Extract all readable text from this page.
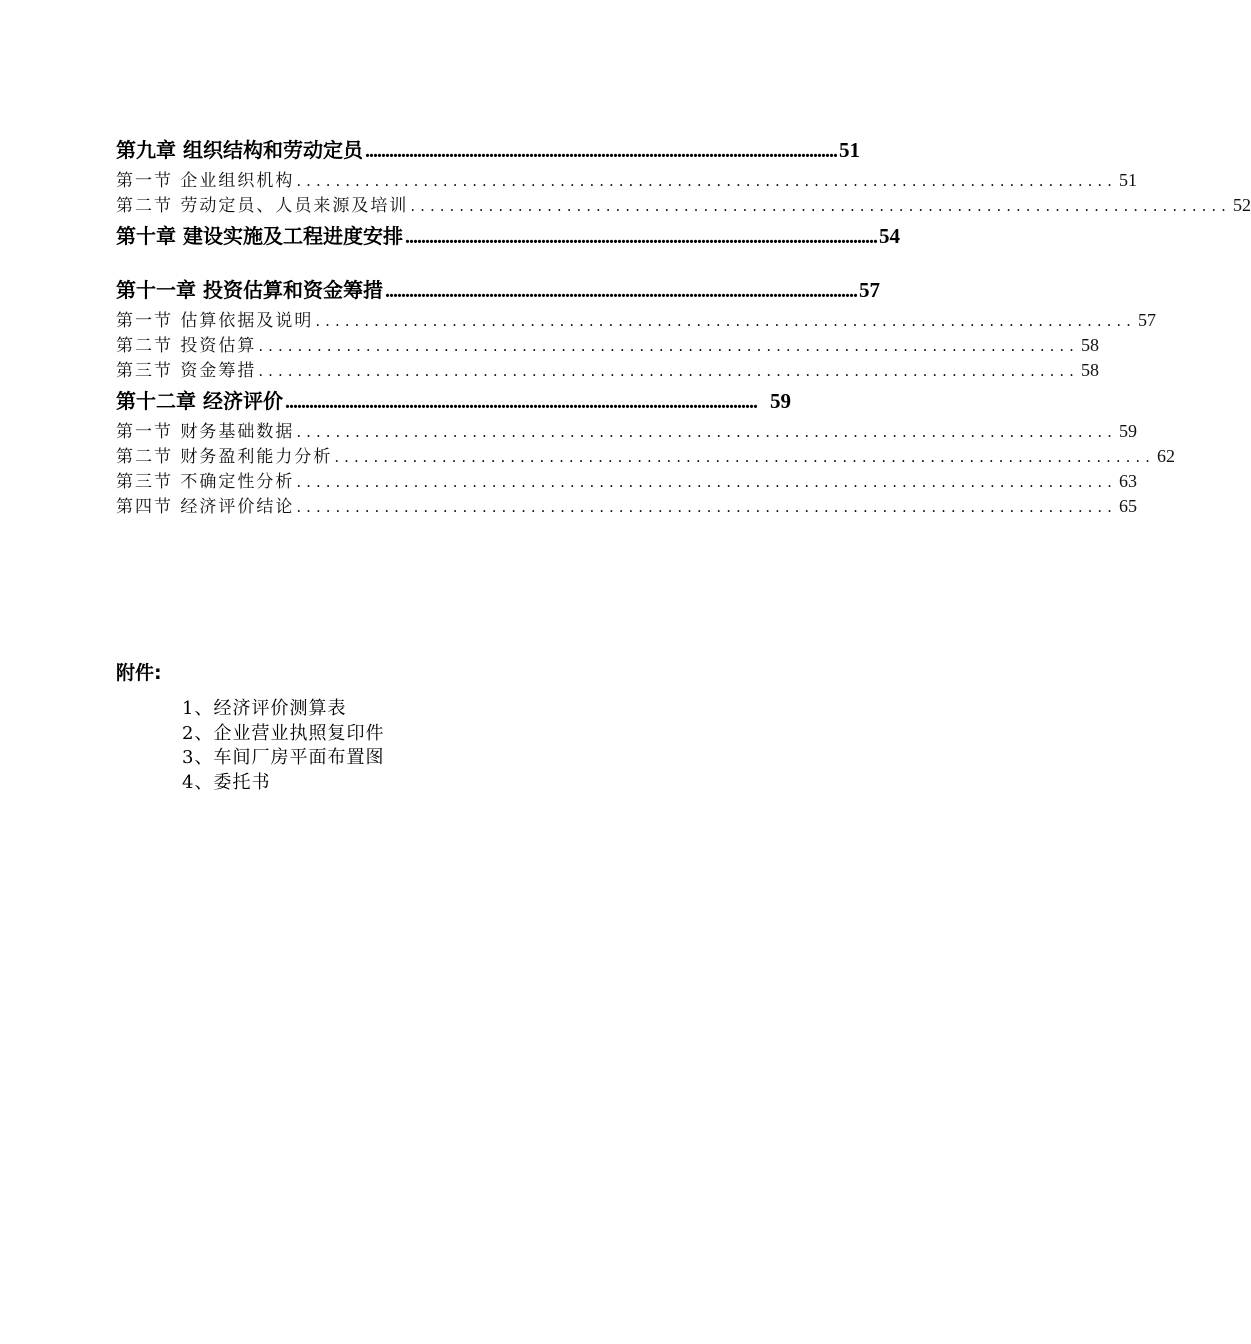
第九章 组织结构和劳动定员 ...................................................................................................................... 51
第一节 企业组织机构 .................................................................................... 51
第二节 劳动定员、人员来源及培训 .................................................................................... 52
第十章 建设实施及工程进度安排 ...................................................................................................................... 54
第十一章 投资估算和资金筹措 ...................................................................................................................... 57
第一节 估算依据及说明 .................................................................................... 57
第二节 投资估算 .................................................................................... 58
第三节 资金筹措 .................................................................................... 58
第十二章 经济评价 ...................................................................................................................... 59
第一节 财务基础数据 .................................................................................... 59
第二节 财务盈利能力分析 .................................................................................... 62
第三节 不确定性分析 .................................................................................... 63
第四节 经济评价结论 .................................................................................... 65
附件:
1、经济评价测算表
2、企业营业执照复印件
3、车间厂房平面布置图
4、委托书
